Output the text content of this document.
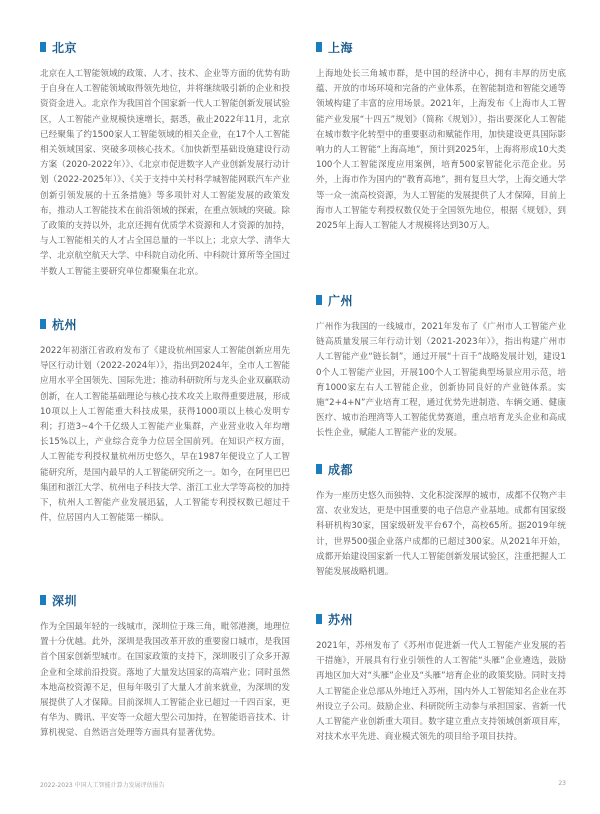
北京
北京在人工智能领域的政策、人才、技术、企业等方面的优势有助于自身在人工智能领域取得领先地位，并将继续吸引新的企业和投资资金进入。北京作为我国首个国家新一代人工智能创新发展试验区，人工智能产业规模快速增长，据悉，截止2022年11月，北京已经聚集了约1500家人工智能领域的相关企业，在17个人工智能相关领域国家、突破多项核心技术。《加快新型基础设施建设行动方案（2020-2022年）》、《北京市促进数字人产业创新发展行动计划（2022-2025年）》、《关于支持中关村科学城智能网联汽车产业创新引领发展的十五条措施》等多项针对人工智能发展的政策发布，推动人工智能技术在前沿领域的探索，在重点领域的突破。除了政策的支持以外，北京还拥有优质学术资源和人才资源的加持，与人工智能相关的人才占全国总量的一半以上；北京大学、清华大学、北京航空航天大学、中科院自动化所、中科院计算所等全国过半数人工智能主要研究单位都聚集在北京。
杭州
2022年初浙江省政府发布了《建设杭州国家人工智能创新应用先导区行动计划（2022-2024年）》，指出到2024年，全市人工智能应用水平全国领先、国际先进；推动科研院所与龙头企业双赢联动创新，在人工智能基础理论与核心技术攻关上取得重要进展，形成10项以上人工智能重大科技成果，获得1000项以上核心发明专利；打造3~4个千亿级人工智能产业集群，产业营业收入年均增长15%以上，产业综合竞争力位居全国前列。在知识产权方面，人工智能专利授权量杭州历史悠久，早在1987年便设立了人工智能研究所，是国内最早的人工智能研究所之一。如今，在阿里巴巴集团和浙江大学、杭州电子科技大学、浙江工业大学等高校的加持下，杭州人工智能产业发展迅猛，人工智能专利授权数已超过千件，位居国内人工智能第一梯队。
深圳
作为全国最年轻的一线城市，深圳位于珠三角，毗邻港澳，地理位置十分优越。此外，深圳是我国改革开放的重要窗口城市，是我国首个国家创新型城市。在国家政策的支持下，深圳吸引了众多开源企业和全球前沿投资。落地了大量发达国家的高端产业；同时虽然本地高校资源不足，但每年吸引了大量人才前来就业，为深圳的发展提供了人才保障。目前深圳人工智能企业已超过一千四百家，更有华为、腾讯、平安等一众超大型公司加持，在智能语音技术、计算机视觉、自然语言处理等方面具有显著优势。
上海
上海地处长三角城市群，是中国的经济中心，拥有丰厚的历史底蕴、开放的市场环境和完备的产业体系，在智能制造和智能交通等领域构建了丰富的应用场景。2021年，上海发布《上海市人工智能产业发展“十四五”规划》（简称《规划》），指出要深化人工智能在城市数字化转型中的重要驱动和赋能作用，加快建设更具国际影响力的人工智能“上海高地”，预计到2025年，上海将形成10大类100个人工智能深度应用案例，培育500家智能化示范企业。另外，上海市作为国内的“教育高地”，拥有复旦大学，上海交通大学等一众一流高校资源，为人工智能的发展提供了人才保障，目前上海市人工智能专利授权数仅处于全国领先地位，根据《规划》，到2025年上海人工智能人才规模将达到30万人。
广州
广州作为我国的一线城市，2021年发布了《广州市人工智能产业链高质量发展三年行动计划（2021-2023年）》，指出构建广州市人工智能产业“链长制”，通过开展“十百千”战略发展计划，建设10个人工智能产业园，开展100个人工智能典型场景应用示范，培育1000家左右人工智能企业，创新协同良好的产业链体系。实施“2+4+N”产业培育工程，通过优势先进制造、车辆交通、健康医疗、城市治理湾等人工智能优势赛道，重点培育龙头企业和高成长性企业，赋能人工智能产业的发展。
成都
作为一座历史悠久而独特、文化积淀深厚的城市，成都不仅物产丰富、农业发达，更是中国重要的电子信息产业基地。成都有国家级科研机构30家，国家级研发平台67个，高校65所。据2019年统计，世界500强企业落户成都的已超过300家。从2021年开始，成都开始建设国家新一代人工智能创新发展试验区，注重把握人工智能发展战略机遇。
苏州
2021年，苏州发布了《苏州市促进新一代人工智能产业发展的若干措施》，开展具有行业引领性的人工智能“头雁”企业遴选，鼓励再地区加大对“头雁”企业及“头雁”培育企业的政策奖励。同时支持人工智能企业总部从外地迁入苏州，国内外人工智能知名企业在苏州设立子公司。鼓励企业、科研院所主动参与承担国家、省新一代人工智能产业创新重大项目。数字建立重点支持领域创新项目库，对技术水平先进、商业模式领先的项目给予项目扶持。
2022-2023 中国人工智能计算力发展评估报告	23
